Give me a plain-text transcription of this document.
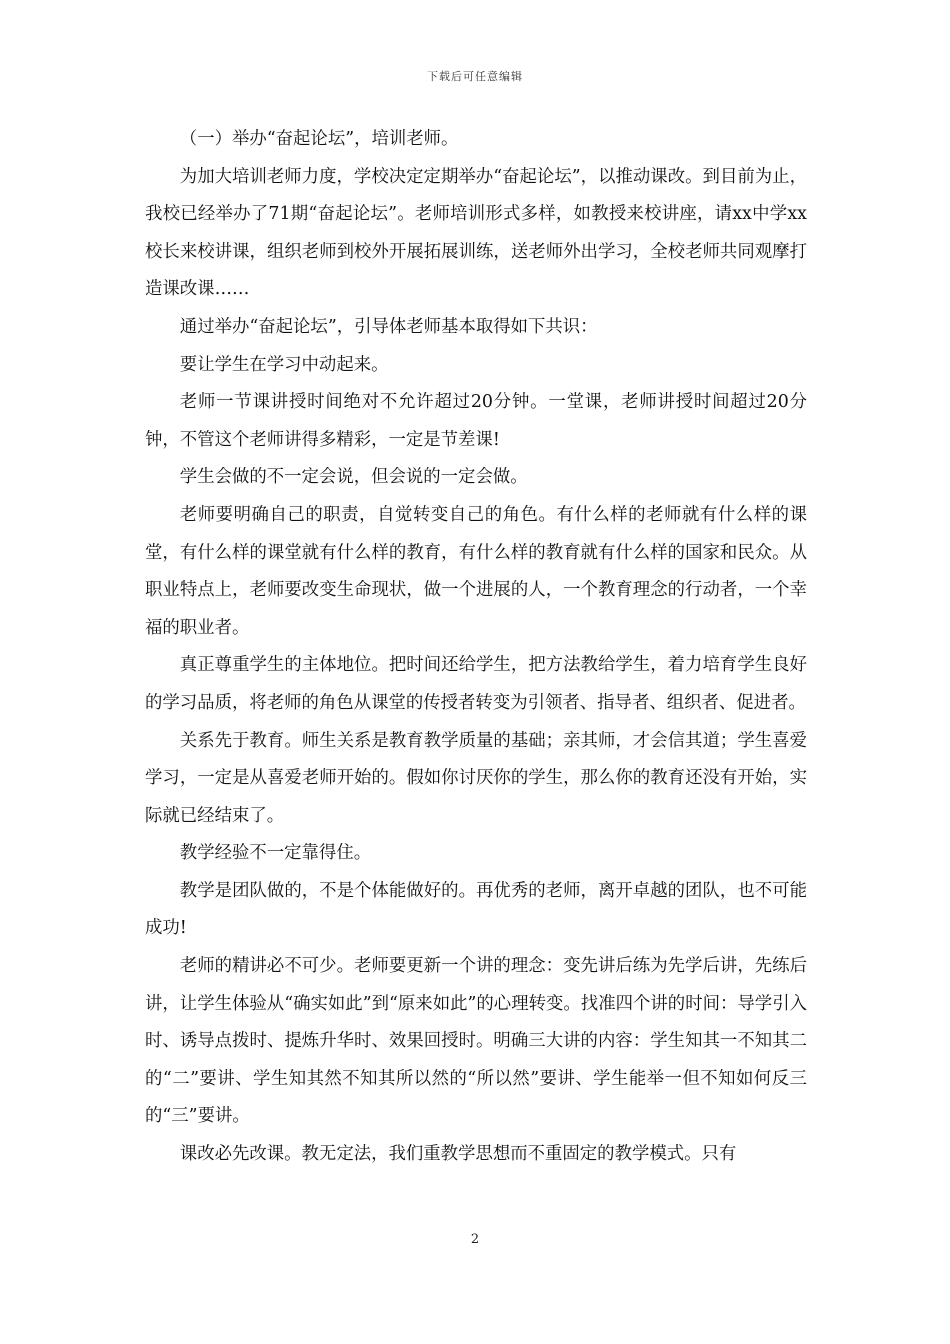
下载后可任意编辑

（一）举办“奋起论坛”，培训老师。

为加大培训老师力度，学校决定定期举办“奋起论坛”，以推动课改。到目前为止，我校已经举办了71期“奋起论坛”。老师培训形式多样，如教授来校讲座，请xx中学xx校长来校讲课，组织老师到校外开展拓展训练，送老师外出学习，全校老师共同观摩打造课改课……

通过举办“奋起论坛”，引导体老师基本取得如下共识：

要让学生在学习中动起来。

老师一节课讲授时间绝对不允许超过20分钟。一堂课，老师讲授时间超过20分钟，不管这个老师讲得多精彩，一定是节差课!

学生会做的不一定会说，但会说的一定会做。

老师要明确自己的职责，自觉转变自己的角色。有什么样的老师就有什么样的课堂，有什么样的课堂就有什么样的教育，有什么样的教育就有什么样的国家和民众。从职业特点上，老师要改变生命现状，做一个进展的人，一个教育理念的行动者，一个幸福的职业者。

真正尊重学生的主体地位。把时间还给学生，把方法教给学生，着力培育学生良好的学习品质，将老师的角色从课堂的传授者转变为引领者、指导者、组织者、促进者。

关系先于教育。师生关系是教育教学质量的基础；亲其师，才会信其道；学生喜爱学习，一定是从喜爱老师开始的。假如你讨厌你的学生，那么你的教育还没有开始，实际就已经结束了。

教学经验不一定靠得住。

教学是团队做的，不是个体能做好的。再优秀的老师，离开卓越的团队，也不可能成功!

老师的精讲必不可少。老师要更新一个讲的理念：变先讲后练为先学后讲，先练后讲，让学生体验从“确实如此”到“原来如此”的心理转变。找准四个讲的时间：导学引入时、诱导点拨时、提炼升华时、效果回授时。明确三大讲的内容：学生知其一不知其二的“二”要讲、学生知其然不知其所以然的“所以然”要讲、学生能举一但不知如何反三的“三”要讲。

课改必先改课。教无定法，我们重教学思想而不重固定的教学模式。只有

2
